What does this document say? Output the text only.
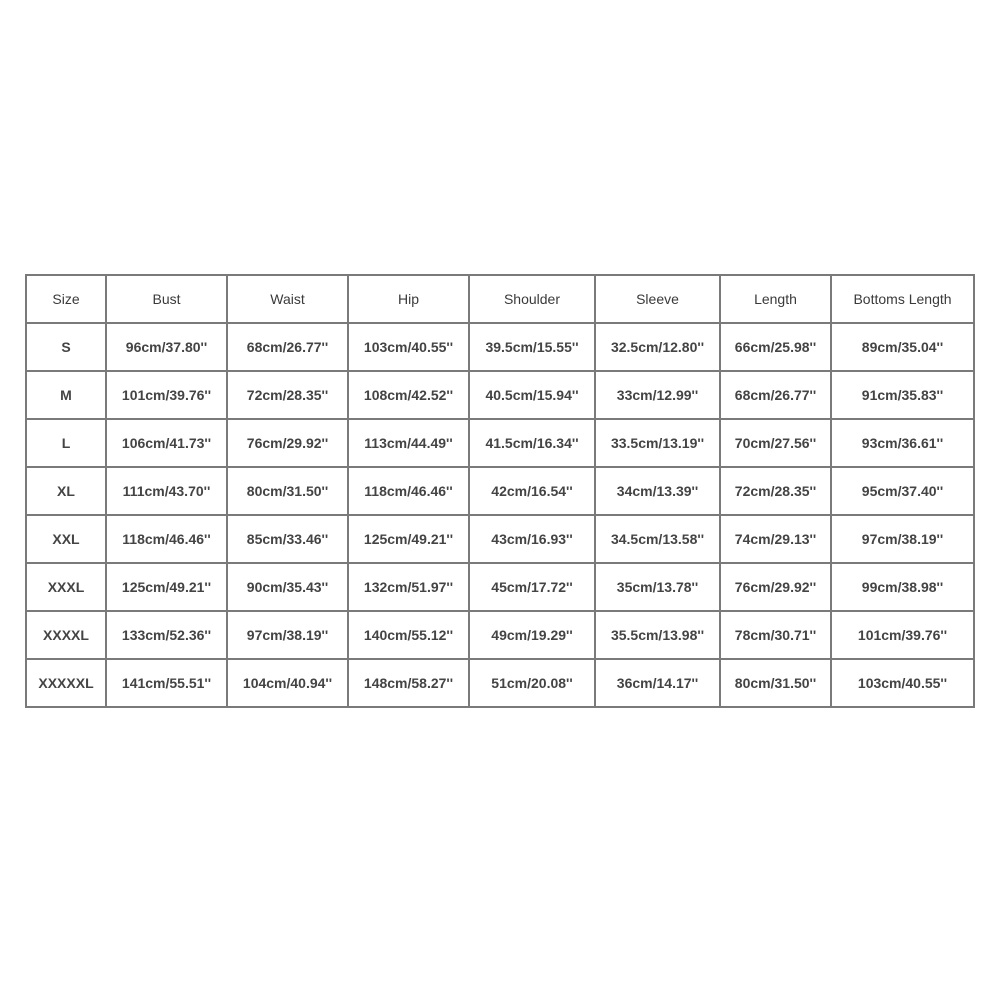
Size	Bust	Waist	Hip	Shoulder	Sleeve	Length	Bottoms Length
S	96cm/37.80''	68cm/26.77''	103cm/40.55''	39.5cm/15.55''	32.5cm/12.80''	66cm/25.98''	89cm/35.04''
M	101cm/39.76''	72cm/28.35''	108cm/42.52''	40.5cm/15.94''	33cm/12.99''	68cm/26.77''	91cm/35.83''
L	106cm/41.73''	76cm/29.92''	113cm/44.49''	41.5cm/16.34''	33.5cm/13.19''	70cm/27.56''	93cm/36.61''
XL	111cm/43.70''	80cm/31.50''	118cm/46.46''	42cm/16.54''	34cm/13.39''	72cm/28.35''	95cm/37.40''
XXL	118cm/46.46''	85cm/33.46''	125cm/49.21''	43cm/16.93''	34.5cm/13.58''	74cm/29.13''	97cm/38.19''
XXXL	125cm/49.21''	90cm/35.43''	132cm/51.97''	45cm/17.72''	35cm/13.78''	76cm/29.92''	99cm/38.98''
XXXXL	133cm/52.36''	97cm/38.19''	140cm/55.12''	49cm/19.29''	35.5cm/13.98''	78cm/30.71''	101cm/39.76''
XXXXXL	141cm/55.51''	104cm/40.94''	148cm/58.27''	51cm/20.08''	36cm/14.17''	80cm/31.50''	103cm/40.55''
